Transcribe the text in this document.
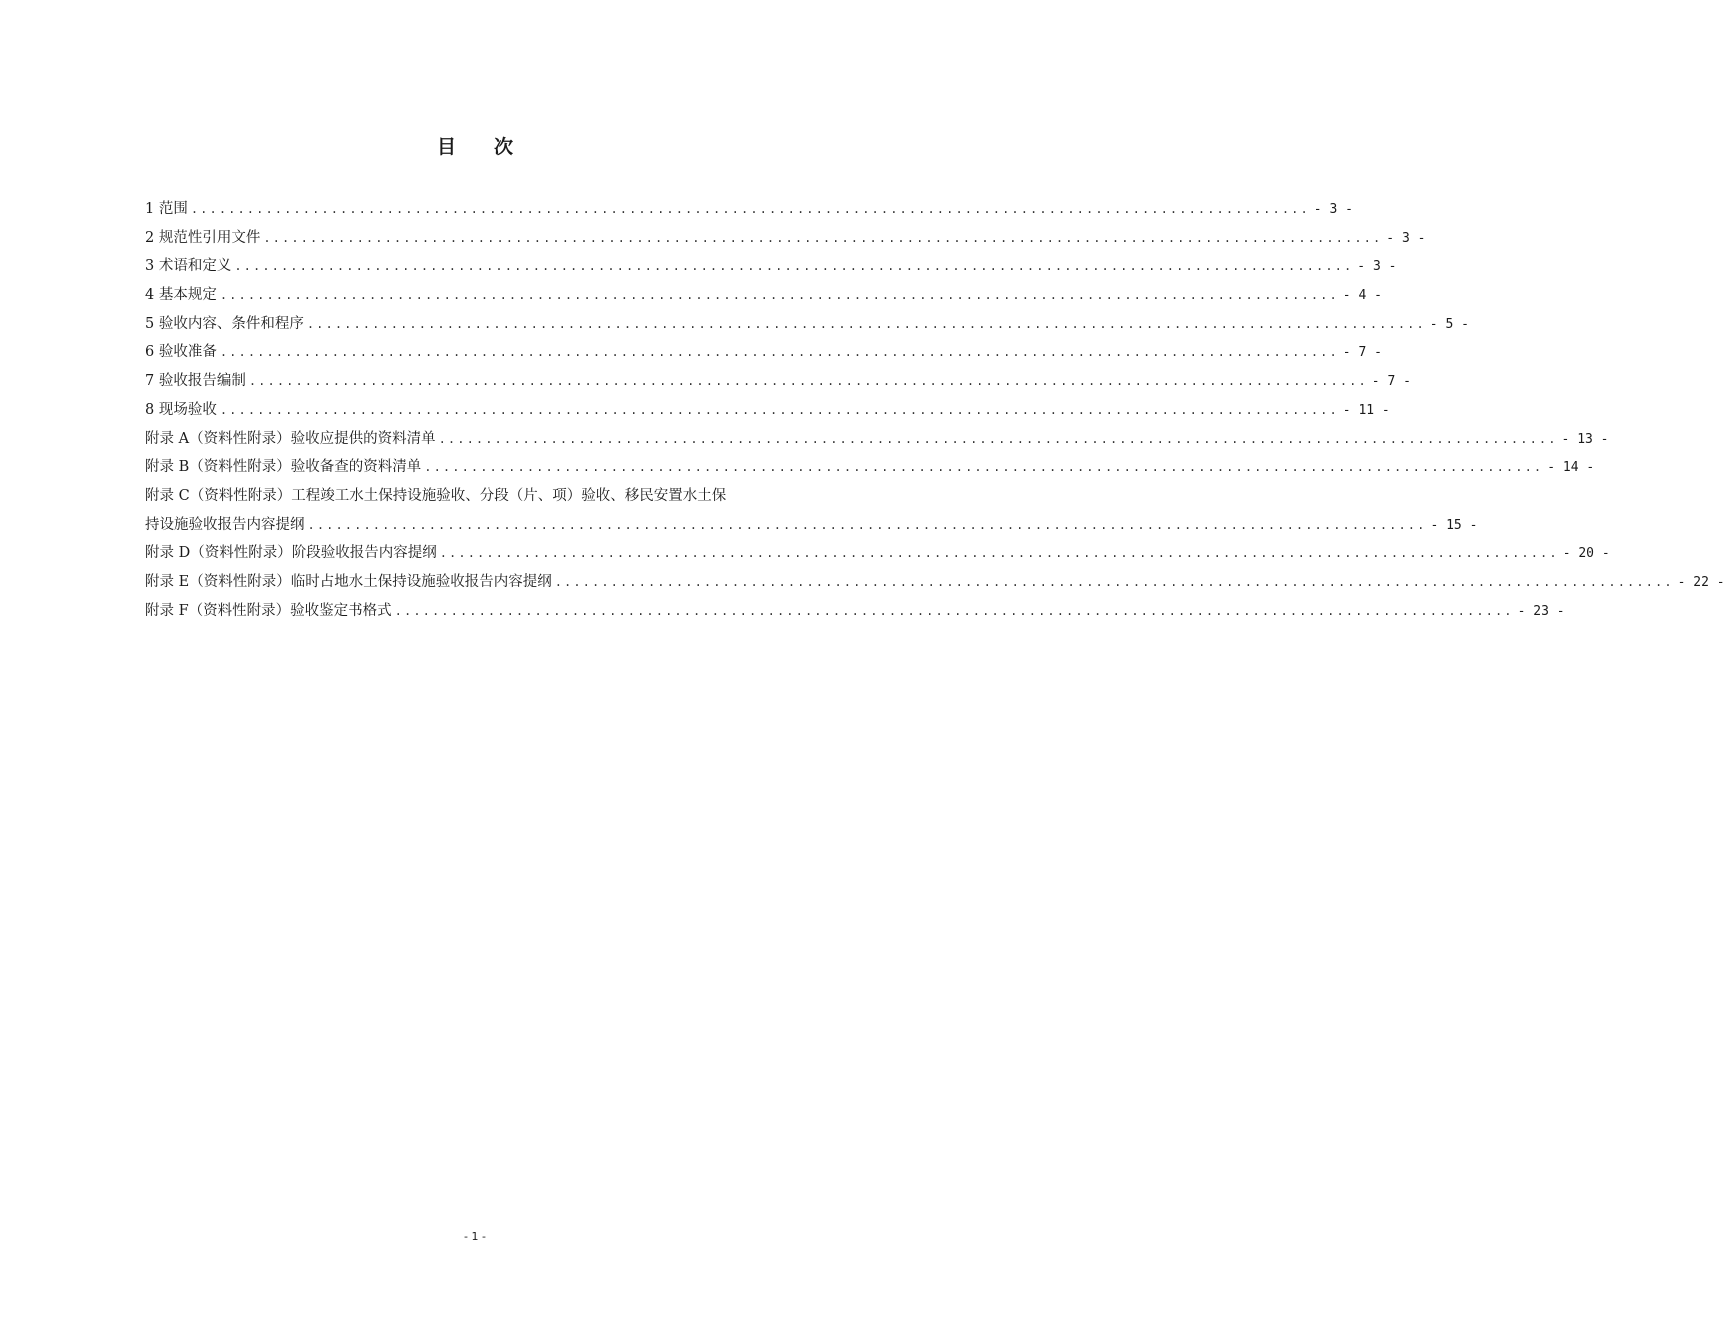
目 次
1 范围 ........................................................................................................................ - 3 -
2 规范性引用文件 ........................................................................................................................ - 3 -
3 术语和定义 ........................................................................................................................ - 3 -
4 基本规定 ........................................................................................................................ - 4 -
5 验收内容、条件和程序 ........................................................................................................................ - 5 -
6 验收准备 ........................................................................................................................ - 7 -
7 验收报告编制 ........................................................................................................................ - 7 -
8 现场验收 ........................................................................................................................ - 11 -
附录 A（资料性附录）验收应提供的资料清单 ........................................................................................................................ - 13 -
附录 B（资料性附录）验收备查的资料清单 ........................................................................................................................ - 14 -
附录 C（资料性附录）工程竣工水土保持设施验收、分段（片、项）验收、移民安置水土保
持设施验收报告内容提纲 ........................................................................................................................ - 15 -
附录 D（资料性附录）阶段验收报告内容提纲 ........................................................................................................................ - 20 -
附录 E（资料性附录）临时占地水土保持设施验收报告内容提纲 ........................................................................................................................ - 22 -
附录 F（资料性附录）验收鉴定书格式 ........................................................................................................................ - 23 -
- 1 -
